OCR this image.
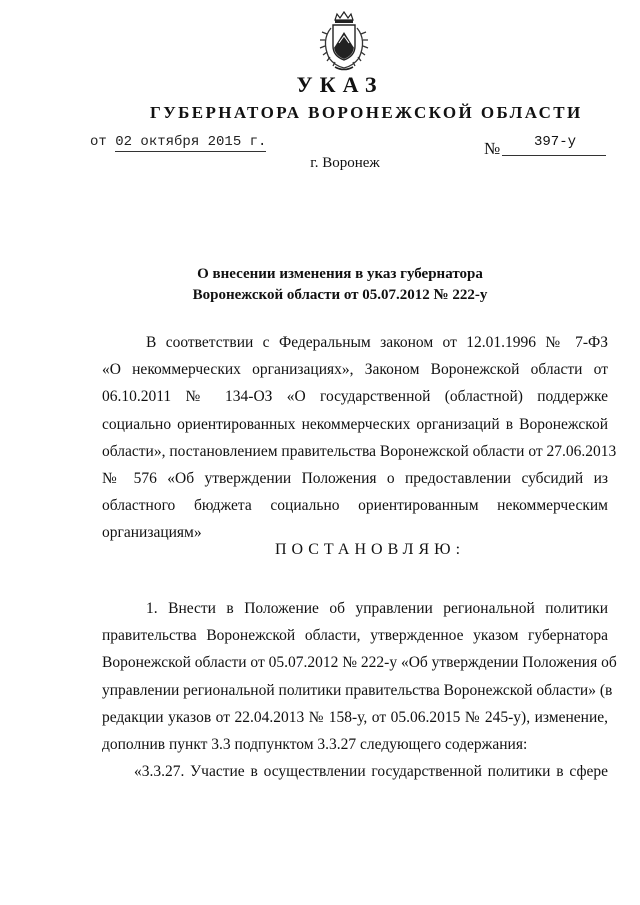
УКАЗ
ГУБЕРНАТОРА ВОРОНЕЖСКОЙ ОБЛАСТИ
от 02 октября 2015 г.	№	397-у
г. Воронеж
О внесении изменения в указ губернатора
Воронежской области от 05.07.2012 № 222-у
В соответствии с Федеральным законом от 12.01.1996 № 7-ФЗ
«О некоммерческих организациях», Законом Воронежской области от
06.10.2011 № 134-ОЗ «О государственной (областной) поддержке
социально ориентированных некоммерческих организаций в Воронежской
области», постановлением правительства Воронежской области от 27.06.2013
№ 576 «Об утверждении Положения о предоставлении субсидий из
областного бюджета социально ориентированным некоммерческим
организациям»
ПОСТАНОВЛЯЮ:
1. Внести в Положение об управлении региональной политики
правительства Воронежской области, утвержденное указом губернатора
Воронежской области от 05.07.2012 № 222-у «Об утверждении Положения об
управлении региональной политики правительства Воронежской области» (в
редакции указов от 22.04.2013 № 158-у, от 05.06.2015 № 245-у), изменение,
дополнив пункт 3.3 подпунктом 3.3.27 следующего содержания:
«3.3.27. Участие в осуществлении государственной политики в сфере
